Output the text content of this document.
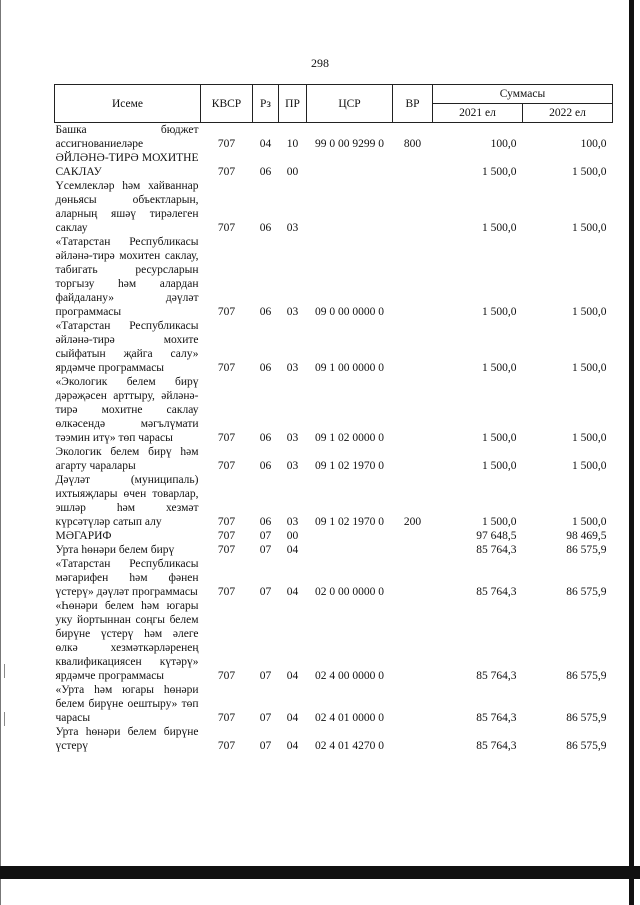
298
Исеме	КВСР	Рз	ПР	ЦСР	ВР	Суммасы	
						2021 ел	2022 ел
Башка бюджет ассигнованиеләре	707	04	10	99 0 00 9299 0	800	100,0	100,0
ӘЙЛӘНӘ-ТИРӘ МОХИТНЕ САКЛАУ	707	06	00			1 500,0	1 500,0
Үсемлекләр һәм хайваннар дөньясы объектларын, аларның яшәү тирәлеген саклау	707	06	03			1 500,0	1 500,0
«Татарстан Республикасы әйләнә-тирә мохитен саклау, табигать ресурсларын торгызу һәм алардан файдалану» дәүләт программасы	707	06	03	09 0 00 0000 0		1 500,0	1 500,0
«Татарстан Республикасы әйләнә-тирә мохите сыйфатын җайга салу» ярдәмче программасы	707	06	03	09 1 00 0000 0		1 500,0	1 500,0
«Экологик белем бирү дәрәҗәсен арттыру, әйләнә-тирә мохитне саклау өлкәсендә мәгълүмати тәэмин итү» төп чарасы	707	06	03	09 1 02 0000 0		1 500,0	1 500,0
Экологик белем бирү һәм агарту чаралары	707	06	03	09 1 02 1970 0		1 500,0	1 500,0
Дәүләт (муниципаль) ихтыяҗлары өчен товарлар, эшләр һәм хезмәт күрсәтүләр сатып алу	707	06	03	09 1 02 1970 0	200	1 500,0	1 500,0
МӘГАРИФ	707	07	00			97 648,5	98 469,5
Урта һөнәри белем бирү	707	07	04			85 764,3	86 575,9
«Татарстан Республикасы мәгарифен һәм фәнен үстерү» дәүләт программасы	707	07	04	02 0 00 0000 0		85 764,3	86 575,9
«Һөнәри белем һәм югары уку йортыннан соңгы белем бирүне үстерү һәм әлеге өлкә хезмәткәрләренең квалификациясен күтәрү» ярдәмче программасы	707	07	04	02 4 00 0000 0		85 764,3	86 575,9
«Урта һәм югары һөнәри белем бирүне оештыру» төп чарасы	707	07	04	02 4 01 0000 0		85 764,3	86 575,9
Урта һөнәри белем бирүне үстерү	707	07	04	02 4 01 4270 0		85 764,3	86 575,9
